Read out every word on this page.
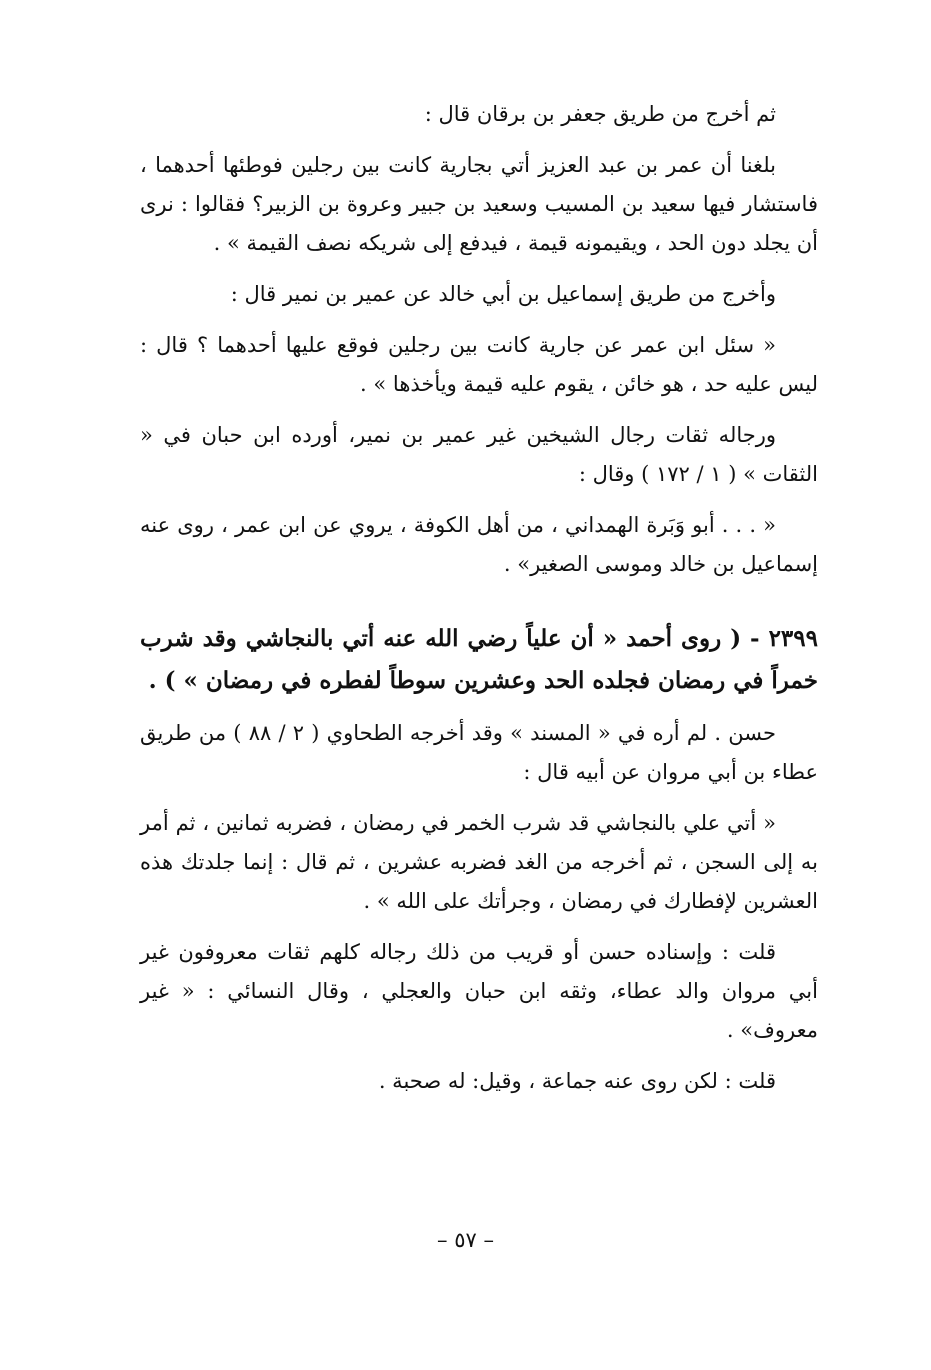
ثم أخرج من طريق جعفر بن برقان قال :

بلغنا أن عمر بن عبد العزيز أتي بجارية كانت بين رجلين فوطئها أحدهما ، فاستشار فيها سعيد بن المسيب وسعيد بن جبير وعروة بن الزبير؟ فقالوا : نرى أن يجلد دون الحد ، ويقيمونه قيمة ، فيدفع إلى شريكه نصف القيمة » .

وأخرج من طريق إسماعيل بن أبي خالد عن عمير بن نمير قال :

« سئل ابن عمر عن جارية كانت بين رجلين فوقع عليها أحدهما ؟ قال : ليس عليه حد ، هو خائن ، يقوم عليه قيمة ويأخذها » .

ورجاله ثقات رجال الشيخين غير عمير بن نمير، أورده ابن حبان في « الثقات » ( ١ / ١٧٢ ) وقال :

« . . . أبو وَبَرة الهمداني ، من أهل الكوفة ، يروي عن ابن عمر ، روى عنه إسماعيل بن خالد وموسى الصغير» .

٢٣٩٩ - ( روى أحمد « أن علياً رضي الله عنه أتي بالنجاشي وقد شرب خمراً في رمضان فجلده الحد وعشرين سوطاً لفطره في رمضان » ) .

حسن . لم أره في « المسند » وقد أخرجه الطحاوي ( ٢ / ٨٨ ) من طريق عطاء بن أبي مروان عن أبيه قال :

« أتي علي بالنجاشي قد شرب الخمر في رمضان ، فضربه ثمانين ، ثم أمر به إلى السجن ، ثم أخرجه من الغد فضربه عشرين ، ثم قال : إنما جلدتك هذه العشرين لإفطارك في رمضان ، وجرأتك على الله » .

قلت : وإسناده حسن أو قريب من ذلك رجاله كلهم ثقات معروفون غير أبي مروان والد عطاء، وثقه ابن حبان والعجلي ، وقال النسائي : « غير معروف» .

قلت : لكن روى عنه جماعة ، وقيل: له صحبة .

– ٥٧ –
